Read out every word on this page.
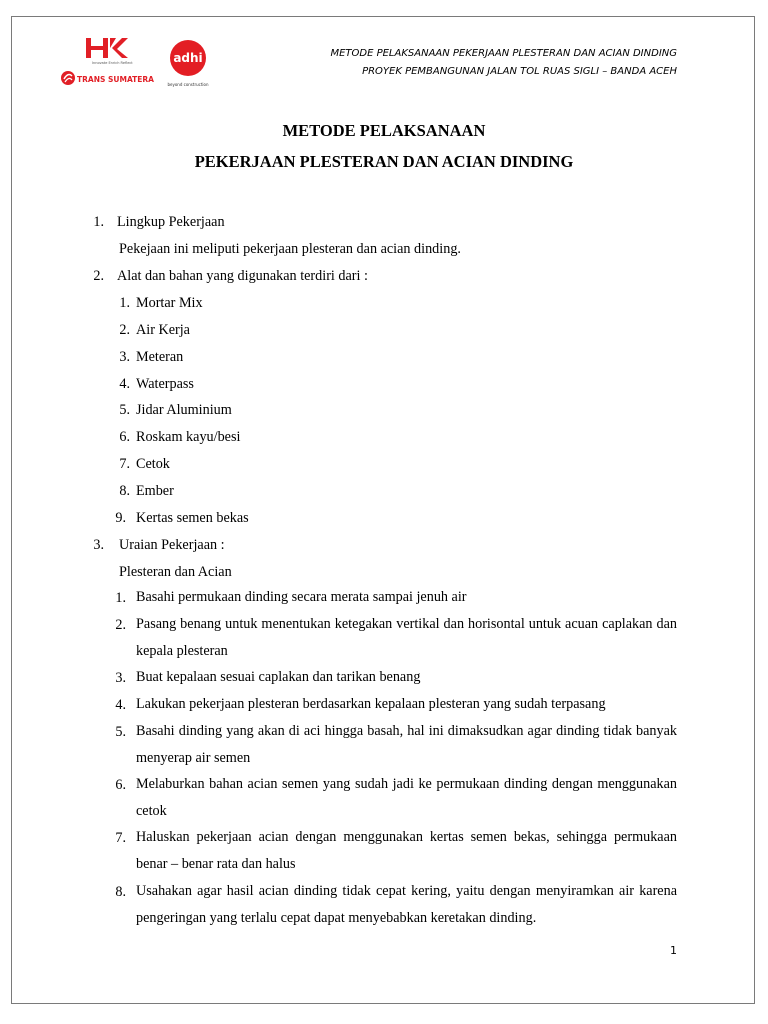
Innovate Enrich Reflect
TRANS SUMATERA
adhi
beyond construction
METODE PELAKSANAAN PEKERJAAN PLESTERAN DAN ACIAN DINDING
PROYEK PEMBANGUNAN JALAN TOL RUAS SIGLI – BANDA ACEH
METODE PELAKSANAAN
PEKERJAAN PLESTERAN DAN ACIAN DINDING
1. Lingkup Pekerjaan
Pekejaan ini meliputi pekerjaan plesteran dan acian dinding.
2. Alat dan bahan yang digunakan terdiri dari :
1. Mortar Mix
2. Air Kerja
3. Meteran
4. Waterpass
5. Jidar Aluminium
6. Roskam kayu/besi
7. Cetok
8. Ember
9. Kertas semen bekas
3. Uraian Pekerjaan :
Plesteran dan Acian
1. Basahi permukaan dinding secara merata sampai jenuh air
2. Pasang benang untuk menentukan ketegakan vertikal dan horisontal untuk acuan caplakan dan kepala plesteran
3. Buat kepalaan sesuai caplakan dan tarikan benang
4. Lakukan pekerjaan plesteran berdasarkan kepalaan plesteran yang sudah terpasang
5. Basahi dinding yang akan di aci hingga basah, hal ini dimaksudkan agar dinding tidak banyak menyerap air semen
6. Melaburkan bahan acian semen yang sudah jadi ke permukaan dinding dengan menggunakan cetok
7. Haluskan pekerjaan acian dengan menggunakan kertas semen bekas, sehingga permukaan benar – benar rata dan halus
8. Usahakan agar hasil acian dinding tidak cepat kering, yaitu dengan menyiramkan air karena pengeringan yang terlalu cepat dapat menyebabkan keretakan dinding.
1
